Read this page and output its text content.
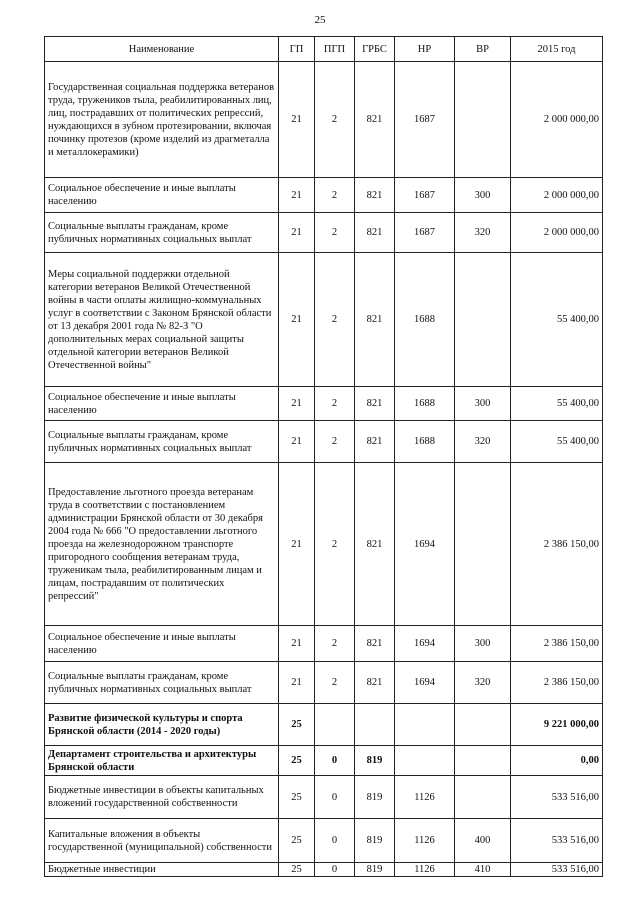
25
Наименование	ГП	ПГП	ГРБС	НР	ВР	2015 год
Государственная социальная поддержка ветеранов труда, тружеников тыла, реабилитированных лиц, лиц, пострадавших от политических репрессий, нуждающихся в зубном протезировании, включая починку протезов (кроме изделий из драгметалла и металлокерамики)	21	2	821	1687		2 000 000,00
Социальное обеспечение и иные выплаты населению	21	2	821	1687	300	2 000 000,00
Социальные выплаты гражданам, кроме публичных нормативных социальных выплат	21	2	821	1687	320	2 000 000,00
Меры социальной поддержки отдельной категории ветеранов Великой Отечественной войны в части оплаты жилищно-коммунальных услуг в соответствии с Законом Брянской области от 13 декабря 2001 года № 82-З "О дополнительных мерах социальной защиты отдельной категории ветеранов Великой Отечественной войны"	21	2	821	1688		55 400,00
Социальное обеспечение и иные выплаты населению	21	2	821	1688	300	55 400,00
Социальные выплаты гражданам, кроме публичных нормативных социальных выплат	21	2	821	1688	320	55 400,00
Предоставление льготного проезда ветеранам труда в соответствии с постановлением администрации Брянской области от 30 декабря 2004 года № 666 "О предоставлении льготного проезда на железнодорожном транспорте пригородного сообщения ветеранам труда, труженикам тыла, реабилитированным лицам и лицам, пострадавшим от политических репрессий"	21	2	821	1694		2 386 150,00
Социальное обеспечение и иные выплаты населению	21	2	821	1694	300	2 386 150,00
Социальные выплаты гражданам, кроме публичных нормативных социальных выплат	21	2	821	1694	320	2 386 150,00
Развитие физической культуры и спорта Брянской области (2014 - 2020 годы)	25					9 221 000,00
Департамент строительства и архитектуры Брянской области	25	0	819			0,00
Бюджетные инвестиции в объекты капитальных вложений государственной собственности	25	0	819	1126		533 516,00
Капитальные вложения в объекты государственной (муниципальной) собственности	25	0	819	1126	400	533 516,00
Бюджетные инвестиции	25	0	819	1126	410	533 516,00
